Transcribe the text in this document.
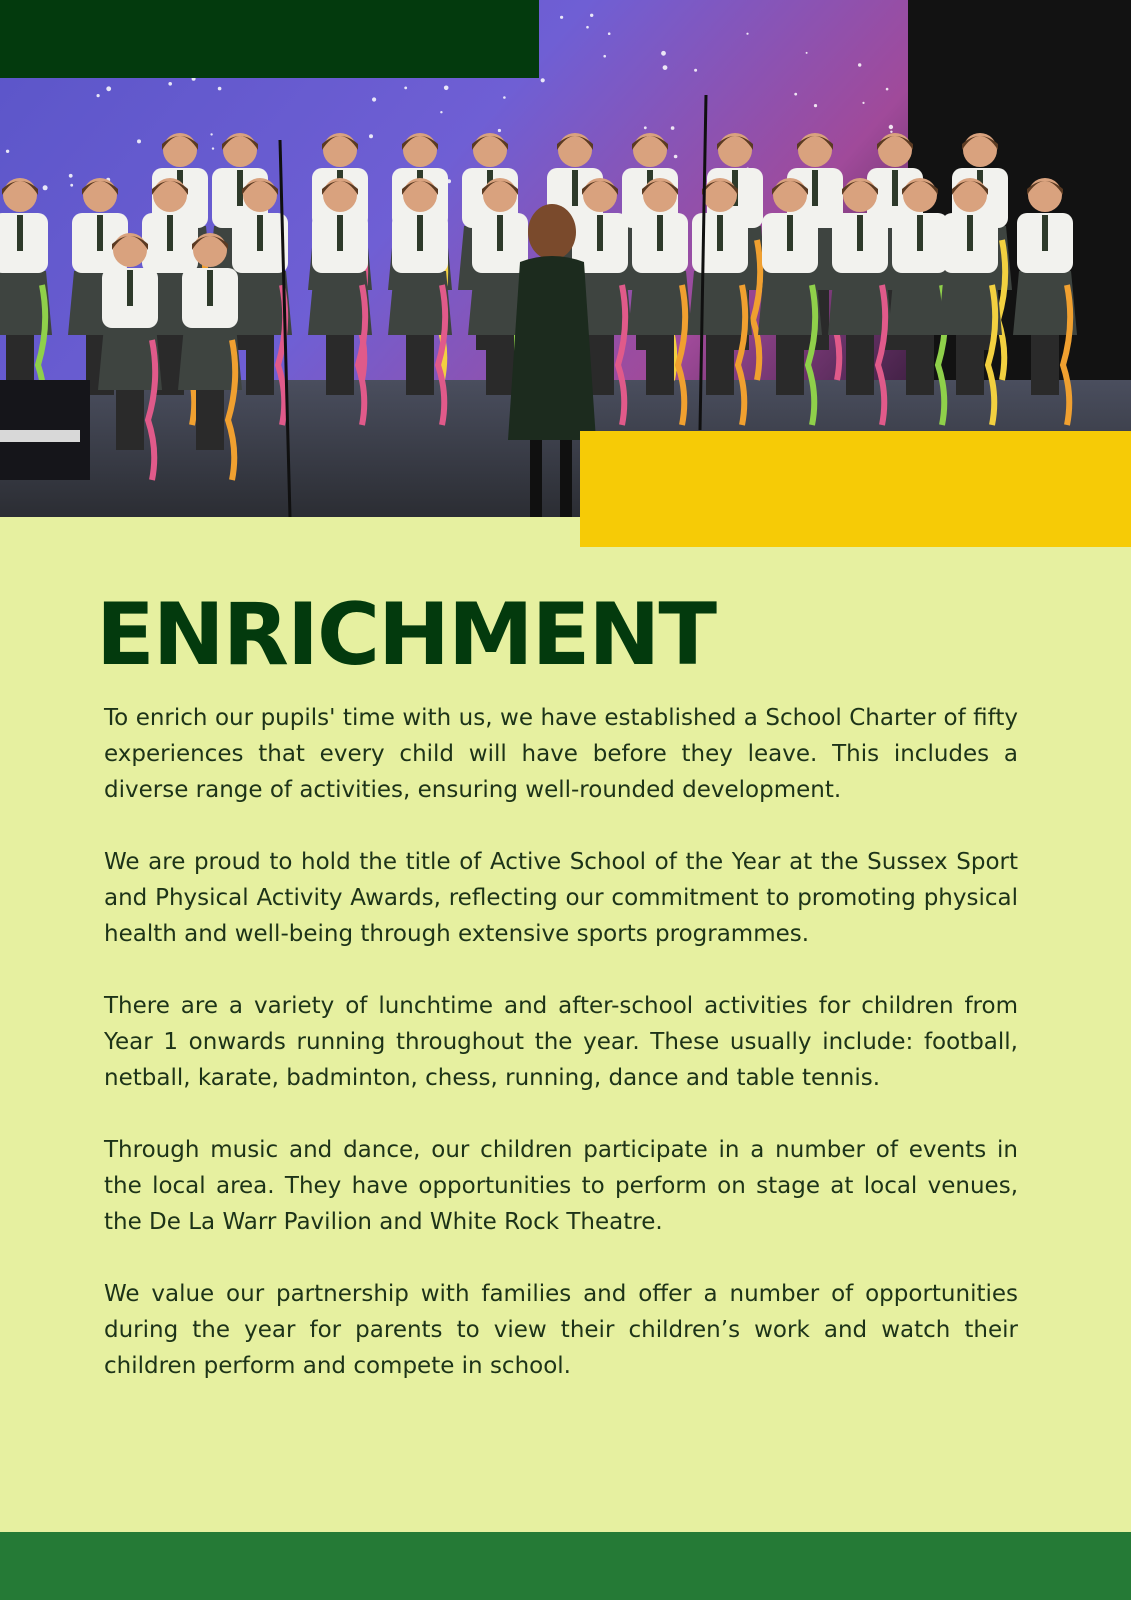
ENRICHMENT

To enrich our pupils' time with us, we have established a School Charter of fifty experiences that every child will have before they leave. This includes a diverse range of activities, ensuring well-rounded development.

We are proud to hold the title of Active School of the Year at the Sussex Sport and Physical Activity Awards, reflecting our commitment to promoting physical health and well-being through extensive sports programmes.

There are a variety of lunchtime and after-school activities for children from Year 1 onwards running throughout the year. These usually include: football, netball, karate, badminton, chess, running, dance and table tennis.

Through music and dance, our children participate in a number of events in the local area. They have opportunities to perform on stage at local venues, the De La Warr Pavilion and White Rock Theatre.

We value our partnership with families and offer a number of opportunities during the year for parents to view their children’s work and watch their children perform and compete in school.
